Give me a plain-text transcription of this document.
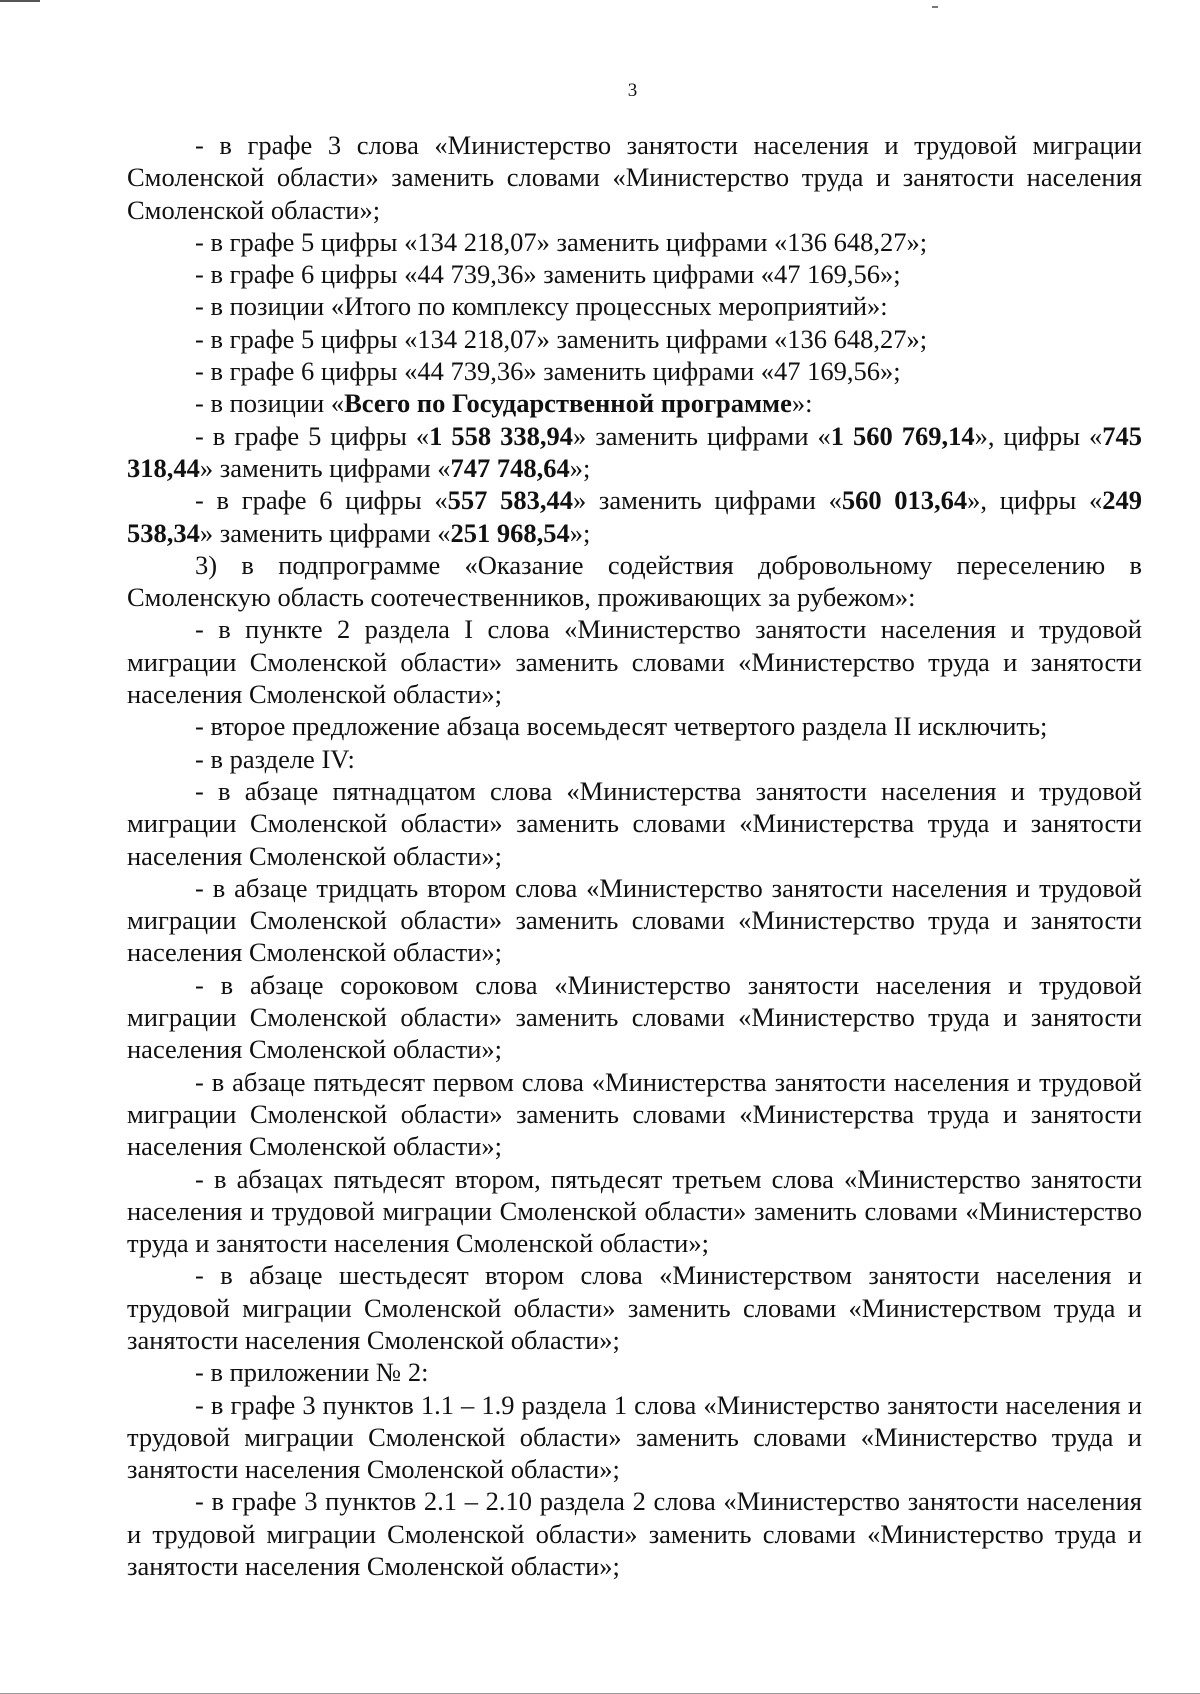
3

- в графе 3 слова «Министерство занятости населения и трудовой миграции Смоленской области» заменить словами «Министерство труда и занятости населения Смоленской области»;

- в графе 5 цифры «134 218,07» заменить цифрами «136 648,27»;

- в графе 6 цифры «44 739,36» заменить цифрами «47 169,56»;

- в позиции «Итого по комплексу процессных мероприятий»:

- в графе 5 цифры «134 218,07» заменить цифрами «136 648,27»;

- в графе 6 цифры «44 739,36» заменить цифрами «47 169,56»;

- в позиции «Всего по Государственной программе»:

- в графе 5 цифры «1 558 338,94» заменить цифрами «1 560 769,14», цифры «745 318,44» заменить цифрами «747 748,64»;

- в графе 6 цифры «557 583,44» заменить цифрами «560 013,64», цифры «249 538,34» заменить цифрами «251 968,54»;

3) в подпрограмме «Оказание содействия добровольному переселению в Смоленскую область соотечественников, проживающих за рубежом»:

- в пункте 2 раздела I слова «Министерство занятости населения и трудовой миграции Смоленской области» заменить словами «Министерство труда и занятости населения Смоленской области»;

- второе предложение абзаца восемьдесят четвертого раздела II исключить;

- в разделе IV:

- в абзаце пятнадцатом слова «Министерства занятости населения и трудовой миграции Смоленской области» заменить словами «Министерства труда и занятости населения Смоленской области»;

- в абзаце тридцать втором слова «Министерство занятости населения и трудовой миграции Смоленской области» заменить словами «Министерство труда и занятости населения Смоленской области»;

- в абзаце сороковом слова «Министерство занятости населения и трудовой миграции Смоленской области» заменить словами «Министерство труда и занятости населения Смоленской области»;

- в абзаце пятьдесят первом слова «Министерства занятости населения и трудовой миграции Смоленской области» заменить словами «Министерства труда и занятости населения Смоленской области»;

- в абзацах пятьдесят втором, пятьдесят третьем слова «Министерство занятости населения и трудовой миграции Смоленской области» заменить словами «Министерство труда и занятости населения Смоленской области»;

- в абзаце шестьдесят втором слова «Министерством занятости населения и трудовой миграции Смоленской области» заменить словами «Министерством труда и занятости населения Смоленской области»;

- в приложении № 2:

- в графе 3 пунктов 1.1 – 1.9 раздела 1 слова «Министерство занятости населения и трудовой миграции Смоленской области» заменить словами «Министерство труда и занятости населения Смоленской области»;

- в графе 3 пунктов 2.1 – 2.10 раздела 2 слова «Министерство занятости населения и трудовой миграции Смоленской области» заменить словами «Министерство труда и занятости населения Смоленской области»;
